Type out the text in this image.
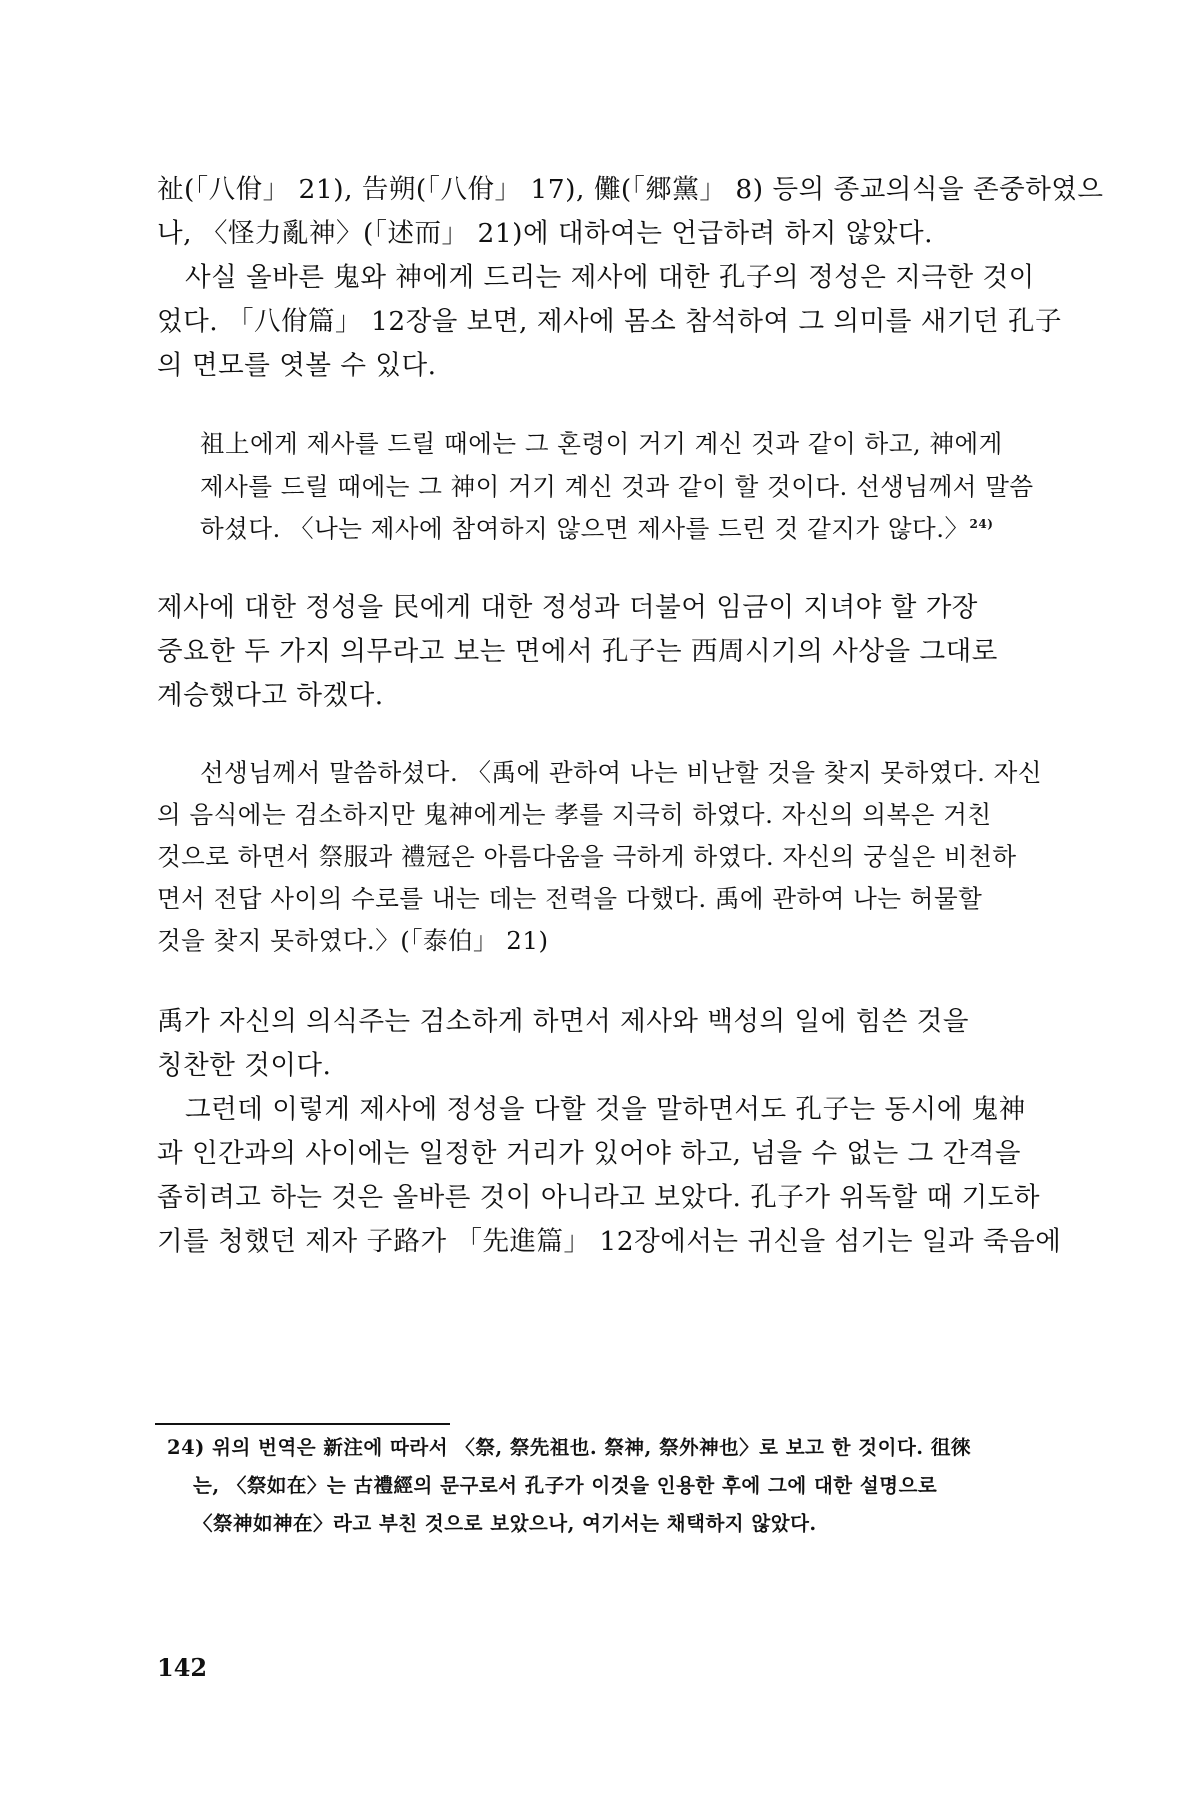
祉(「八佾」 21), 告朔(「八佾」 17), 儺(「郷黨」 8) 등의 종교의식을 존중하였으
나, 〈怪力亂神〉(「述而」 21)에 대하여는 언급하려 하지 않았다.
사실 올바른 鬼와 神에게 드리는 제사에 대한 孔子의 정성은 지극한 것이
었다. 「八佾篇」 12장을 보면, 제사에 몸소 참석하여 그 의미를 새기던 孔子
의 면모를 엿볼 수 있다.
祖上에게 제사를 드릴 때에는 그 혼령이 거기 계신 것과 같이 하고, 神에게
제사를 드릴 때에는 그 神이 거기 계신 것과 같이 할 것이다. 선생님께서 말씀
하셨다. 〈나는 제사에 참여하지 않으면 제사를 드린 것 같지가 않다.〉$^{24)}$
제사에 대한 정성을 民에게 대한 정성과 더불어 임금이 지녀야 할 가장
중요한 두 가지 의무라고 보는 면에서 孔子는 西周시기의 사상을 그대로
계승했다고 하겠다.
선생님께서 말씀하셨다. 〈禹에 관하여 나는 비난할 것을 찾지 못하였다. 자신
의 음식에는 검소하지만 鬼神에게는 孝를 지극히 하였다. 자신의 의복은 거친
것으로 하면서 祭服과 禮冠은 아름다움을 극하게 하였다. 자신의 궁실은 비천하
면서 전답 사이의 수로를 내는 데는 전력을 다했다. 禹에 관하여 나는 허물할
것을 찾지 못하였다.〉(「泰伯」 21)
禹가 자신의 의식주는 검소하게 하면서 제사와 백성의 일에 힘쓴 것을
칭찬한 것이다.
그런데 이렇게 제사에 정성을 다할 것을 말하면서도 孔子는 동시에 鬼神
과 인간과의 사이에는 일정한 거리가 있어야 하고, 넘을 수 없는 그 간격을
좁히려고 하는 것은 올바른 것이 아니라고 보았다. 孔子가 위독할 때 기도하
기를 청했던 제자 子路가 「先進篇」 12장에서는 귀신을 섬기는 일과 죽음에
24) 위의 번역은 新注에 따라서 〈祭, 祭先祖也. 祭神, 祭外神也〉로 보고 한 것이다. 徂徠
는, 〈祭如在〉는 古禮經의 문구로서 孔子가 이것을 인용한 후에 그에 대한 설명으로
〈祭神如神在〉라고 부친 것으로 보았으나, 여기서는 채택하지 않았다.
142
